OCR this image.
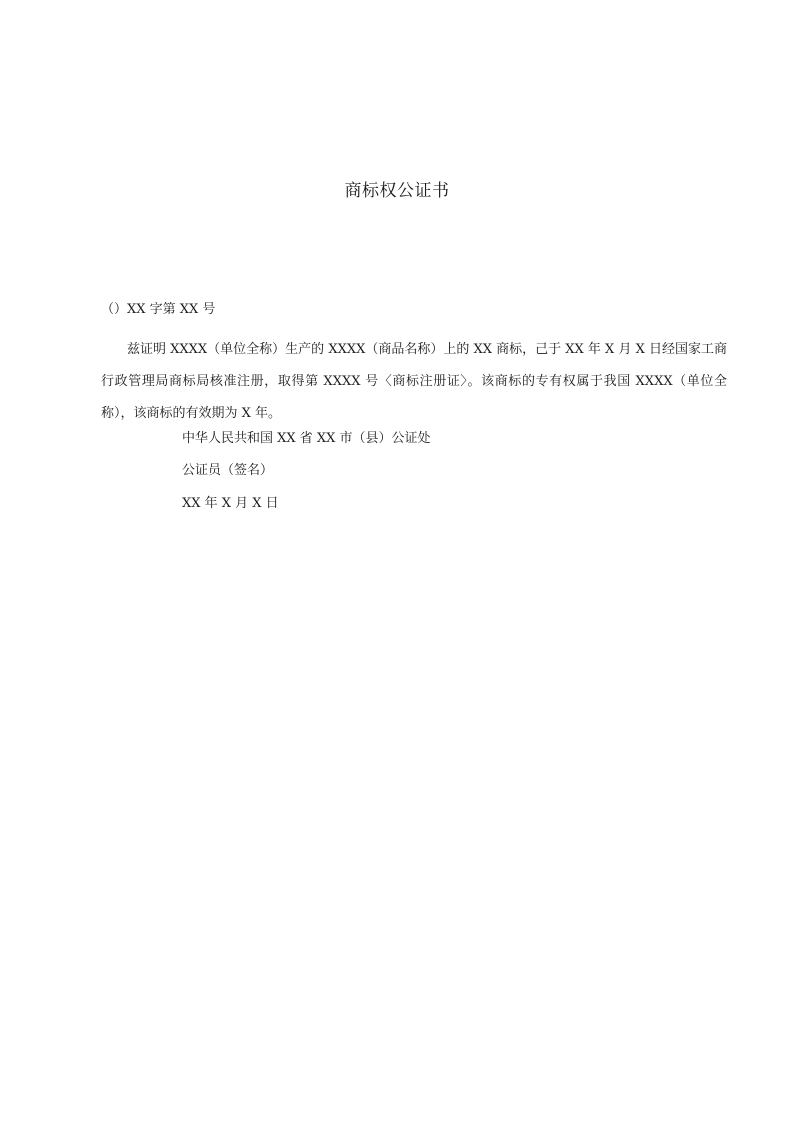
商标权公证书
（）XX 字第 XX 号
兹证明 XXXX（单位全称）生产的 XXXX（商品名称）上的 XX 商标，己于 XX 年 X 月 X 日经国家工商行政管理局商标局核准注册，取得第 XXXX 号〈商标注册证〉。该商标的专有权属于我国 XXXX（单位全称），该商标的有效期为 X 年。
中华人民共和国 XX 省 XX 市（县）公证处
公证员（签名）
XX 年 X 月 X 日
